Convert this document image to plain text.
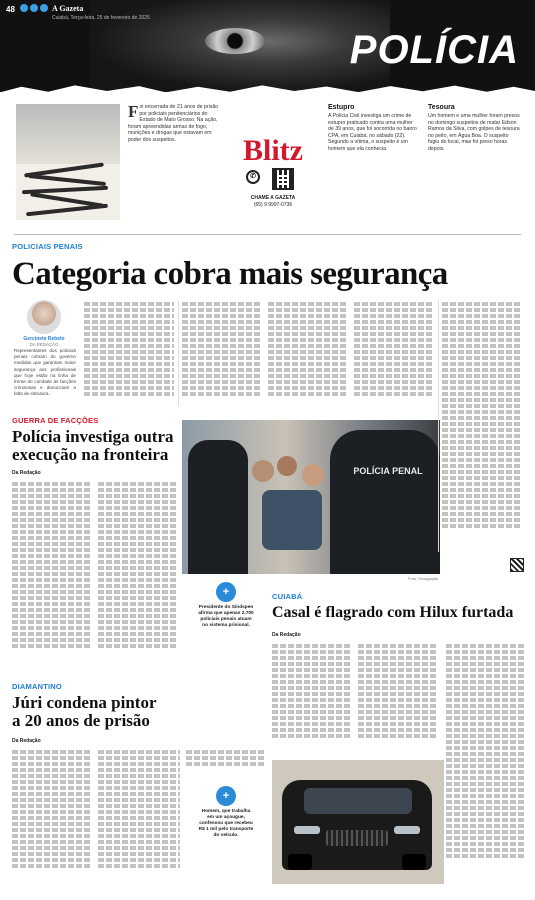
48	A Gazeta
Cuiabá, Terça-feira, 25 de fevereiro de 2025
POLÍCIA
Foi encerrada de 21 anos de prisão por policiais penitenciários do Estado de Mato Grosso. Na ação, foram apreendidas armas de fogo, munições e drogas que estavam em poder dos suspeitos.	Blitz
✆
CHAME A GAZETA
(65) 9 9997-0736
Estupro
A Polícia Civil investiga um crime de estupro praticado contra uma mulher de 39 anos, que foi socorrida no bairro CPA, em Cuiabá, no sábado (22). Segundo a vítima, o suspeito é um homem que ela conhecia.
Tesoura
Um homem e uma mulher foram presos no domingo suspeitos de matar Edson Ramos da Silva, com golpes de tesoura no peito, em Água Boa. O suspeito fugiu do local, mas foi preso horas depois.
POLICIAIS PENAIS
Categoria cobra mais segurança
Gercinete Rebelo
DA REDAÇÃO
Representantes dos policiais penais cobram do governo medidas que garantam maior segurança aos profissionais que hoje estão na linha de frente do combate às facções criminosas e denunciam a falta de estrutura.
GUERRA DE FACÇÕES
Polícia investiga outra
execução na fronteira
Da Redação	POLÍCIA PENAL
Foto: Divulgação
+
Presidente do Sindspen afirma que apenas 2.700 policiais penais atuam no sistema prisional.
CUIABÁ
Casal é flagrado com Hilux furtada
Da Redação
DIAMANTINO
Júri condena pintor
a 20 anos de prisão
Da Redação
+
Homem, que trabalha em um açougue, confessou que recebeu R$ 1 mil pelo transporte do veículo.
